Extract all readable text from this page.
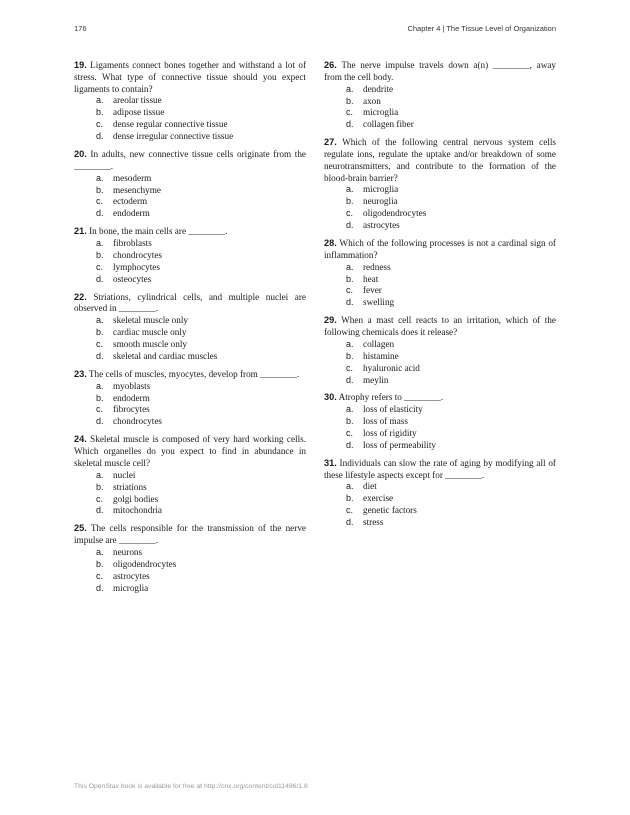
176	Chapter 4 | The Tissue Level of Organization

19. Ligaments connect bones together and withstand a lot of stress. What type of connective tissue should you expect ligaments to contain?

a.	areolar tissue
b.	adipose tissue
c.	dense regular connective tissue
d.	dense irregular connective tissue

20. In adults, new connective tissue cells originate from the ________.

a.	mesoderm
b.	mesenchyme
c.	ectoderm
d.	endoderm

21. In bone, the main cells are ________.

a.	fibroblasts
b.	chondrocytes
c.	lymphocytes
d.	osteocytes

22. Striations, cylindrical cells, and multiple nuclei are observed in ________.

a.	skeletal muscle only
b.	cardiac muscle only
c.	smooth muscle only
d.	skeletal and cardiac muscles

23. The cells of muscles, myocytes, develop from ________.

a.	myoblasts
b.	endoderm
c.	fibrocytes
d.	chondrocytes

24. Skeletal muscle is composed of very hard working cells. Which organelles do you expect to find in abundance in skeletal muscle cell?

a.	nuclei
b.	striations
c.	golgi bodies
d.	mitochondria

25. The cells responsible for the transmission of the nerve impulse are ________.

a.	neurons
b.	oligodendrocytes
c.	astrocytes
d.	microglia

26. The nerve impulse travels down a(n) ________, away from the cell body.

a.	dendrite
b.	axon
c.	microglia
d.	collagen fiber

27. Which of the following central nervous system cells regulate ions, regulate the uptake and/or breakdown of some neurotransmitters, and contribute to the formation of the blood-brain barrier?

a.	microglia
b.	neuroglia
c.	oligodendrocytes
d.	astrocytes

28. Which of the following processes is not a cardinal sign of inflammation?

a.	redness
b.	heat
c.	fever
d.	swelling

29. When a mast cell reacts to an irritation, which of the following chemicals does it release?

a.	collagen
b.	histamine
c.	hyaluronic acid
d.	meylin

30. Atrophy refers to ________.

a.	loss of elasticity
b.	loss of mass
c.	loss of rigidity
d.	loss of permeability

31. Individuals can slow the rate of aging by modifying all of these lifestyle aspects except for ________.

a.	diet
b.	exercise
c.	genetic factors
d.	stress
This OpenStax book is available for free at http://cnx.org/content/col11496/1.8
